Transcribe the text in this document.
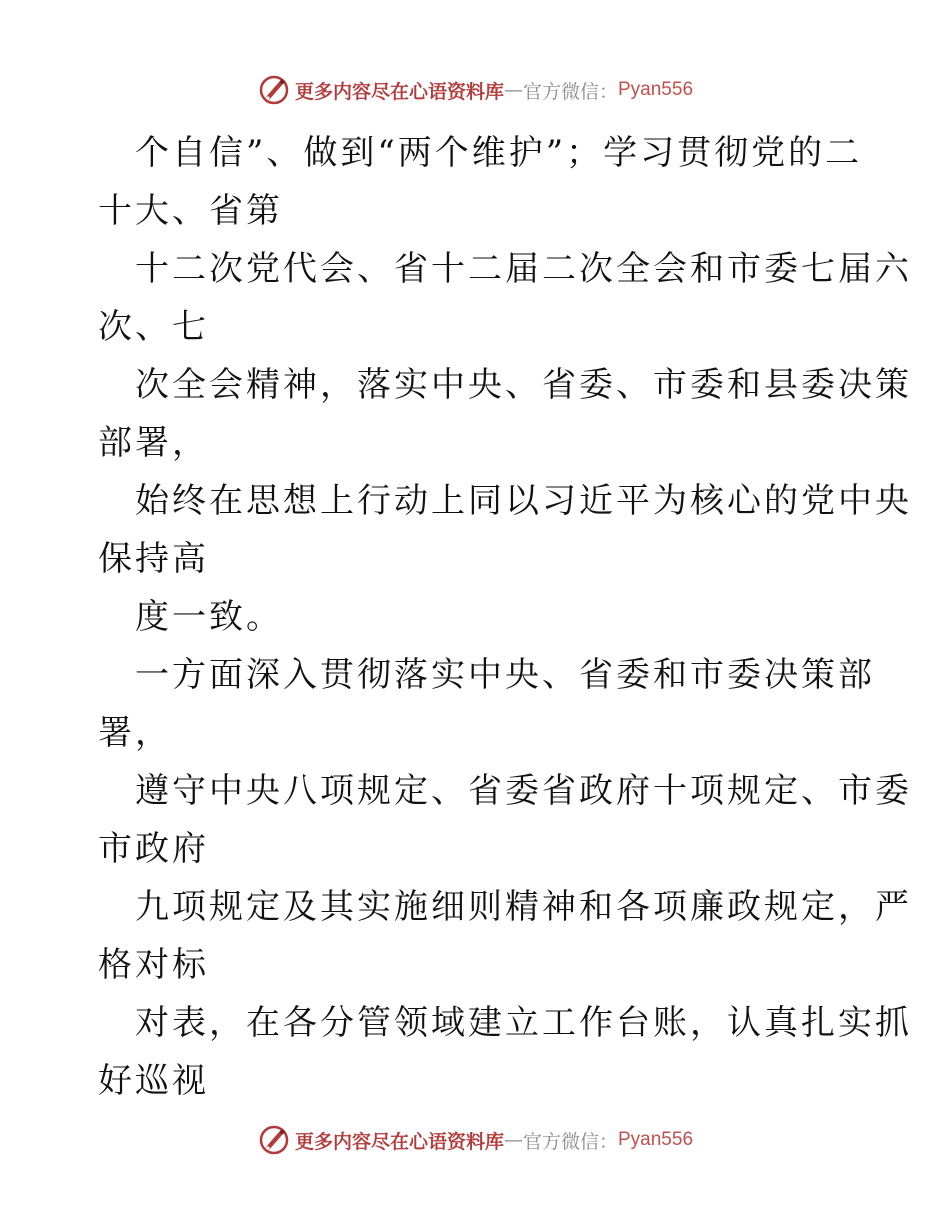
更多内容尽在心语资料库 — 官方微信： Pyan556
个自信”、做到“两个维护”；学习贯彻党的二
十大、省第
十二次党代会、省十二届二次全会和市委七届六
次、七
次全会精神，落实中央、省委、市委和县委决策
部署，
始终在思想上行动上同以习近平为核心的党中央
保持高
度一致。
一方面深入贯彻落实中央、省委和市委决策部
署，
遵守中央八项规定、省委省政府十项规定、市委
市政府
九项规定及其实施细则精神和各项廉政规定，严
格对标
对表，在各分管领域建立工作台账，认真扎实抓
好巡视
更多内容尽在心语资料库 — 官方微信： Pyan556
